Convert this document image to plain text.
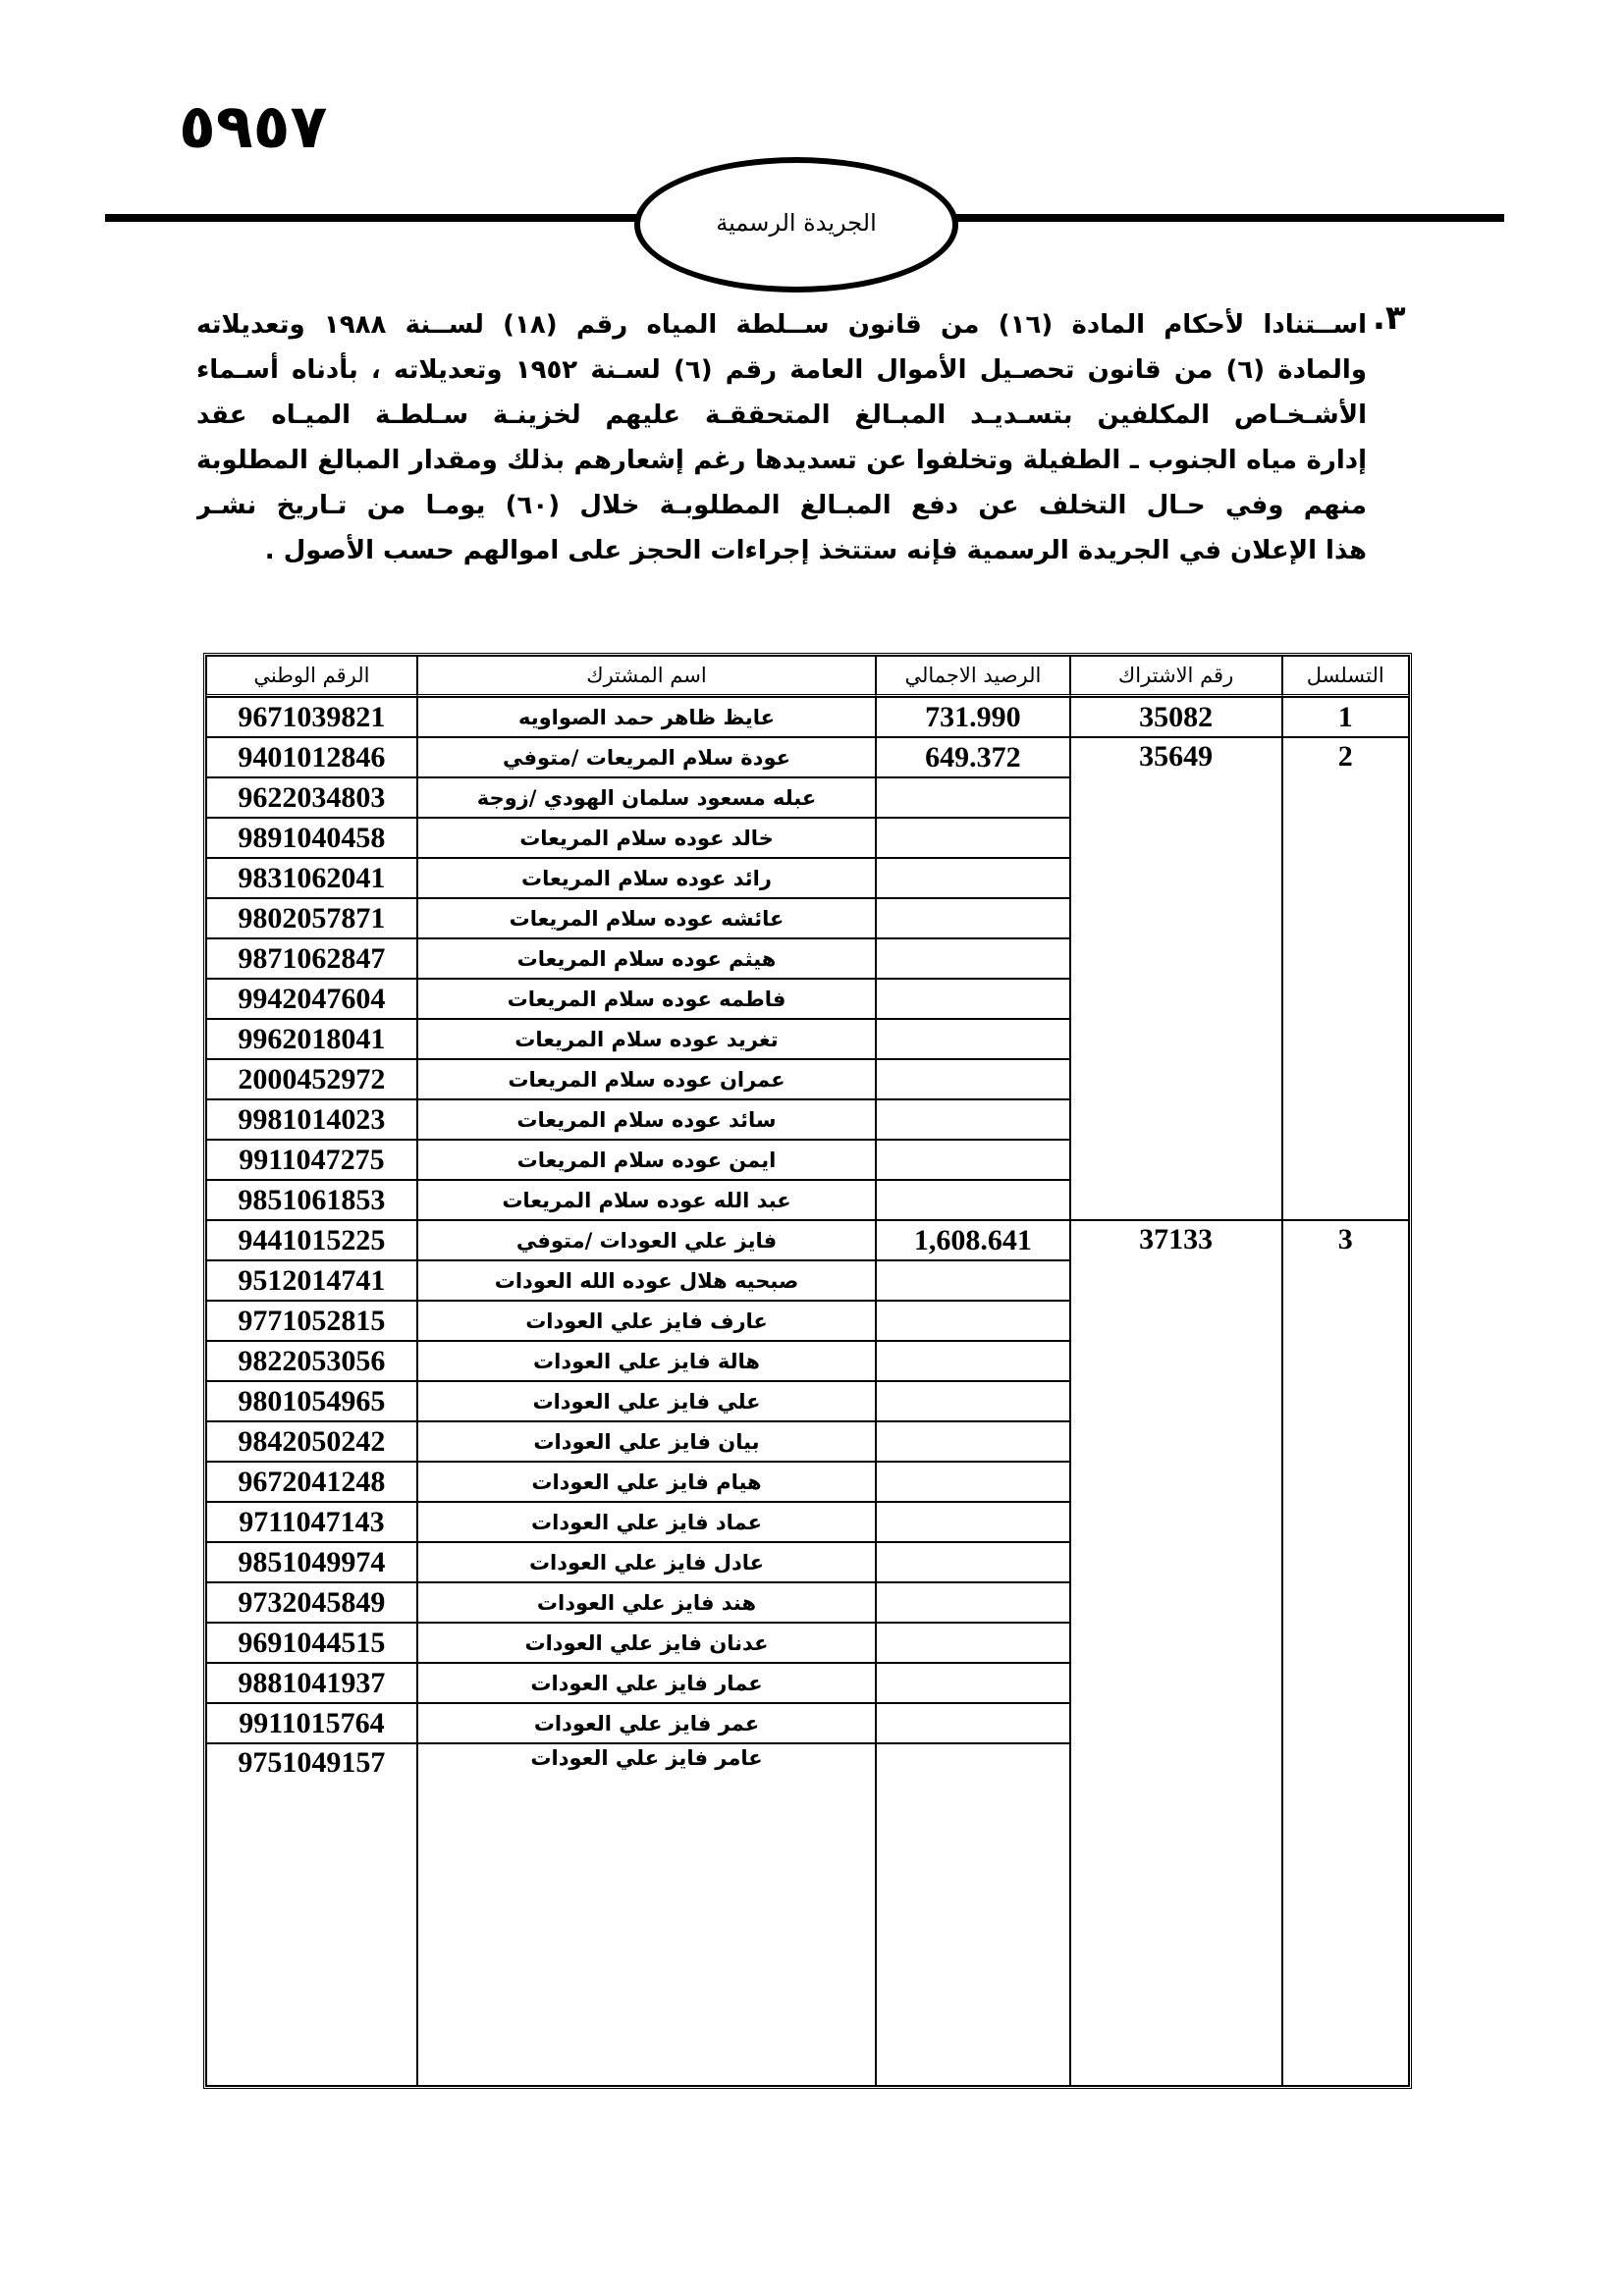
٥٩٥٧
الجريدة الرسمية
٣.
اســتنادا لأحكام المادة (١٦) من قانون ســلطة المياه رقم (١٨) لســنة ١٩٨٨ وتعديلاته
والمادة (٦) من قانون تحصـيل الأموال العامة رقم (٦) لسـنة ١٩٥٢ وتعديلاته ، بأدناه أسـماء
الأشـخـاص المكلفين بتسـديـد المبـالغ المتحققـة عليهم لخزينـة سـلطـة الميـاه عقد
إدارة مياه الجنوب ـ الطفيلة وتخلفوا عن تسديدها رغم إشعارهم بذلك ومقدار المبالغ المطلوبة
منهم وفي حـال التخلف عن دفع المبـالغ المطلوبـة خلال (٦٠) يومـا من تـاريخ نشـر
هذا الإعلان في الجريدة الرسمية فإنه ستتخذ إجراءات الحجز على اموالهم حسب الأصول .
التسلسل	رقم الاشتراك	الرصيد الاجمالي	اسم المشترك	الرقم الوطني
1	35082	731.990	عايظ ظاهر حمد الصواويه	9671039821
2	35649	649.372	عودة سلام المريعات /متوفي	9401012846
			عبله مسعود سلمان الهودي /زوجة	9622034803
			خالد عوده سلام المريعات	9891040458
			رائد عوده سلام المريعات	9831062041
			عائشه عوده سلام المريعات	9802057871
			هيثم عوده سلام المريعات	9871062847
			فاطمه عوده سلام المريعات	9942047604
			تغريد عوده سلام المريعات	9962018041
			عمران عوده سلام المريعات	2000452972
			سائد عوده سلام المريعات	9981014023
			ايمن عوده سلام المريعات	9911047275
			عبد الله عوده سلام المريعات	9851061853
3	37133	1,608.641	فايز علي العودات /متوفي	9441015225
			صبحيه هلال عوده الله العودات	9512014741
			عارف فايز علي العودات	9771052815
			هالة فايز علي العودات	9822053056
			علي فايز علي العودات	9801054965
			بيان فايز علي العودات	9842050242
			هيام فايز علي العودات	9672041248
			عماد فايز علي العودات	9711047143
			عادل فايز علي العودات	9851049974
			هند فايز علي العودات	9732045849
			عدنان فايز علي العودات	9691044515
			عمار فايز علي العودات	9881041937
			عمر فايز علي العودات	9911015764
			عامر فايز علي العودات	9751049157
